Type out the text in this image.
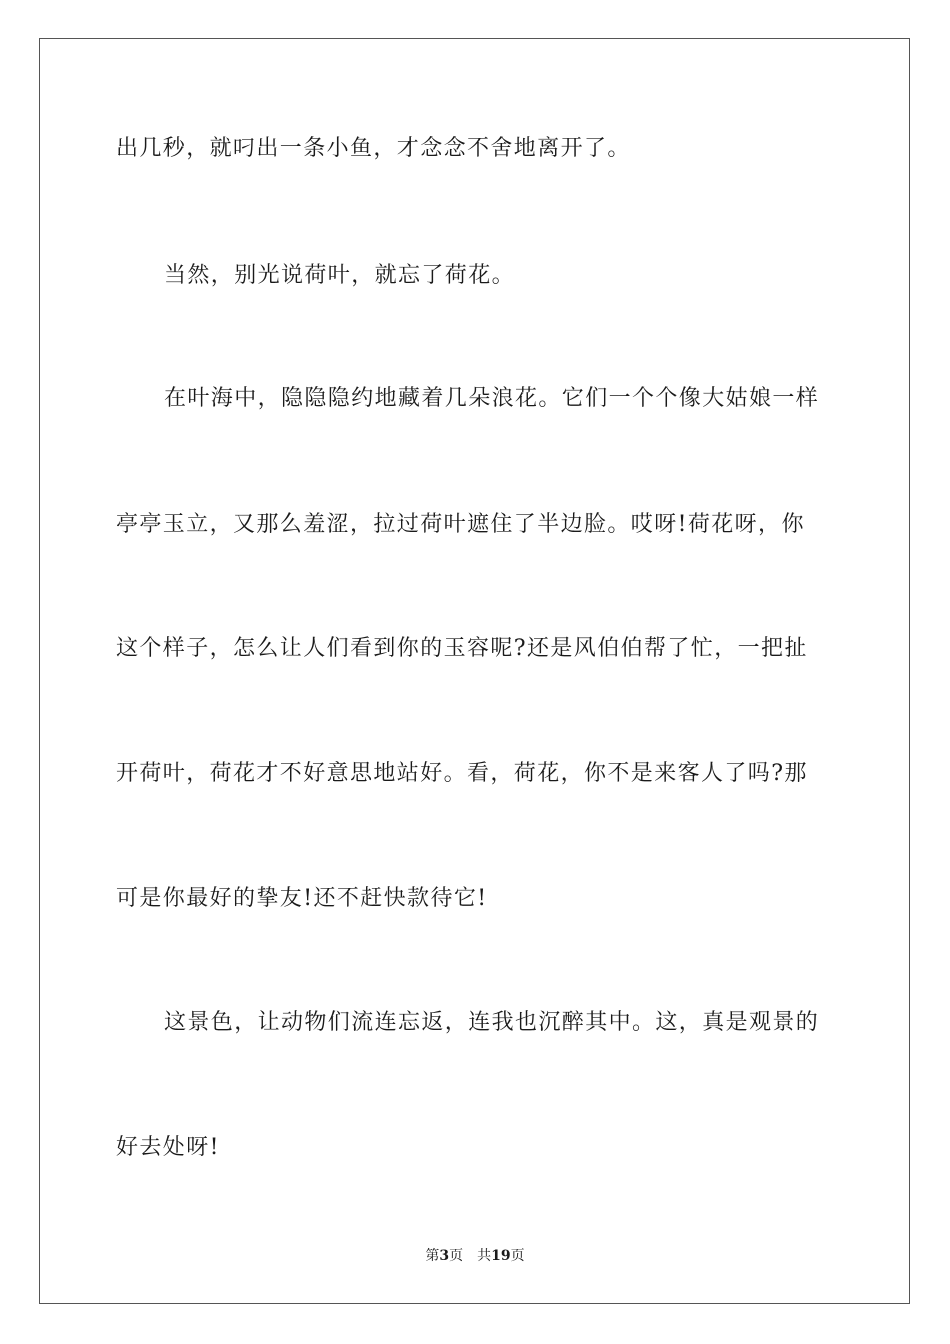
出几秒，就叼出一条小鱼，才念念不舍地离开了。
当然，别光说荷叶，就忘了荷花。
在叶海中，隐隐隐约地藏着几朵浪花。它们一个个像大姑娘一样
亭亭玉立，又那么羞涩，拉过荷叶遮住了半边脸。哎呀!荷花呀，你
这个样子，怎么让人们看到你的玉容呢?还是风伯伯帮了忙，一把扯
开荷叶，荷花才不好意思地站好。看，荷花，你不是来客人了吗?那
可是你最好的挚友!还不赶快款待它!
这景色，让动物们流连忘返，连我也沉醉其中。这，真是观景的
好去处呀!
第3页 共19页
